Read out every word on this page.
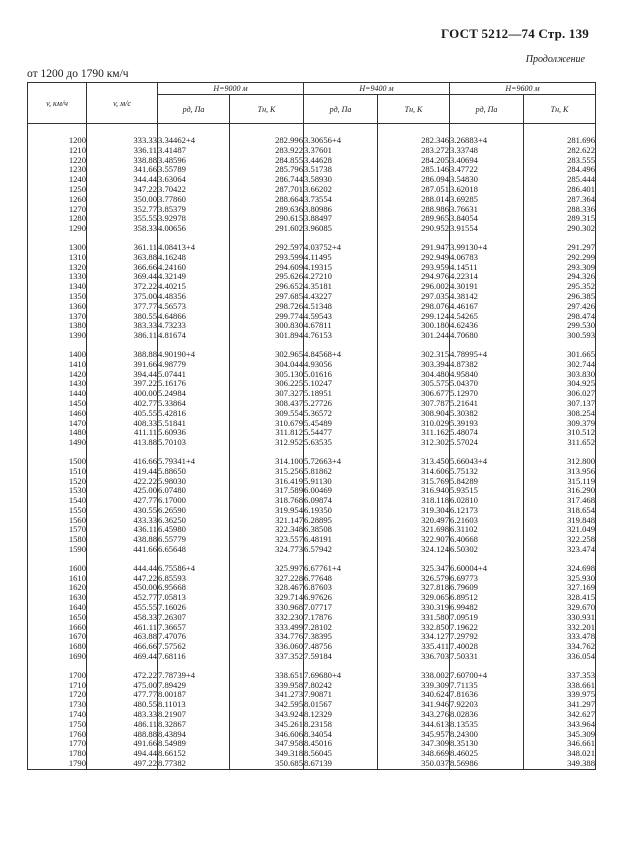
ГОСТ 5212—74 Стр. 139
Продолжение
от 1200 до 1790 км/ч
v, км/ч	v, м/с	H=9000 м		H=9400 м		H=9600 м	
		pд, Па	Tн, К	pд, Па	Tн, К	pд, Па	Tн, К

1200	333.33	3.34462+4	282.996	3.30656+4	282.346	3.26883+4	281.696
1210	336.11	3.41487	283.922	3.37601	283.272	3.33748	282.622
1220	338.88	3.48596	284.855	3.44628	284.205	3.40694	283.555
1230	341.66	3.55789	285.796	3.51738	285.146	3.47722	284.496
1240	344.44	3.63064	286.744	3.58930	286.094	3.54830	285.444
1250	347.22	3.70422	287.701	3.66202	287.051	3.62018	286.401
1260	350.00	3.77860	288.664	3.73554	288.014	3.69285	287.364
1270	352.77	3.85379	289.636	3.80986	288.986	3.76631	288.336
1280	355.55	3.92978	290.615	3.88497	289.965	3.84054	289.315
1290	358.33	4.00656	291.602	3.96085	290.952	3.91554	290.302

1300	361.11	4.08413+4	292.597	4.03752+4	291.947	3.99130+4	291.297
1310	363.88	4.16248	293.599	4.11495	292.949	4.06783	292.299
1320	366.66	4.24160	294.609	4.19315	293.959	4.14511	293.309
1330	369.44	4.32149	295.626	4.27210	294.976	4.22314	294.326
1340	372.22	4.40215	296.652	4.35181	296.002	4.30191	295.352
1350	375.00	4.48356	297.685	4.43227	297.035	4.38142	296.385
1360	377.77	4.56573	298.726	4.51348	298.076	4.46167	297.426
1370	380.55	4.64866	299.774	4.59543	299.124	4.54265	298.474
1380	383.33	4.73233	300.830	4.67811	300.180	4.62436	299.530
1390	386.11	4.81674	301.894	4.76153	301.244	4.70680	300.593

1400	388.88	4.90190+4	302.965	4.84568+4	302.315	4.78995+4	301.665
1410	391.66	4.98779	304.044	4.93056	303.394	4.87382	302.744
1420	394.44	5.07441	305.130	5.01616	304.480	4.95840	303.830
1430	397.22	5.16176	306.225	5.10247	305.575	5.04370	304.925
1440	400.00	5.24984	307.327	5.18951	306.677	5.12970	306.027
1450	402.77	5.33864	308.437	5.27726	307.787	5.21641	307.137
1460	405.55	5.42816	309.554	5.36572	308.904	5.30382	308.254
1470	408.33	5.51841	310.679	5.45489	310.029	5.39193	309.379
1480	411.11	5.60936	311.812	5.54477	311.162	5.48074	310.512
1490	413.88	5.70103	312.952	5.63535	312.302	5.57024	311.652

1500	416.66	5.79341+4	314.100	5.72663+4	313.450	5.66043+4	312.800
1510	419.44	5.88650	315.256	5.81862	314.606	5.75132	313.956
1520	422.22	5.98030	316.419	5.91130	315.769	5.84289	315.119
1530	425.00	6.07480	317.589	6.00469	316.940	5.93515	316.290
1540	427.77	6.17000	318.768	6.09874	318.118	6.02810	317.468
1550	430.55	6.26590	319.954	6.19350	319.304	6.12173	318.654
1560	433.33	6.36250	321.147	6.28895	320.497	6.21603	319.848
1570	436.11	6.45980	322.348	6.38508	321.698	6.31102	321.049
1580	438.88	6.55779	323.557	6.48191	322.907	6.40668	322.258
1590	441.66	6.65648	324.773	6.57942	324.124	6.50302	323.474

1600	444.44	6.75586+4	325.997	6.67761+4	325.347	6.60004+4	324.698
1610	447.22	6.85593	327.228	6.77648	326.579	6.69773	325.930
1620	450.00	6.95668	328.467	6.87603	327.818	6.79609	327.169
1630	452.77	7.05813	329.714	6.97626	329.065	6.89512	328.415
1640	455.55	7.16026	330.968	7.07717	330.319	6.99482	329.670
1650	458.33	7.26307	332.230	7.17876	331.580	7.09519	330.931
1660	461.11	7.36657	333.499	7.28102	332.850	7.19622	332.201
1670	463.88	7.47076	334.776	7.38395	334.127	7.29792	333.478
1680	466.66	7.57562	336.060	7.48756	335.411	7.40028	334.762
1690	469.44	7.68116	337.352	7.59184	336.703	7.50331	336.054

1700	472.22	7.78739+4	338.651	7.69680+4	338.002	7.60700+4	337.353
1710	475.00	7.89429	339.958	7.80242	339.309	7.71135	338.661
1720	477.77	8.00187	341.273	7.90871	340.624	7.81636	339.975
1730	480.55	8.11013	342.595	8.01567	341.946	7.92203	341.297
1740	483.33	8.21907	343.924	8.12329	343.276	8.02836	342.627
1750	486.11	8.32867	345.261	8.23158	344.613	8.13535	343.964
1760	488.88	8.43894	346.606	8.34054	345.957	8.24300	345.309
1770	491.66	8.54989	347.958	8.45016	347.309	8.35130	346.661
1780	494.44	8.66152	349.318	8.56045	348.669	8.46025	348.021
1790	497.22	8.77382	350.685	8.67139	350.037	8.56986	349.388
